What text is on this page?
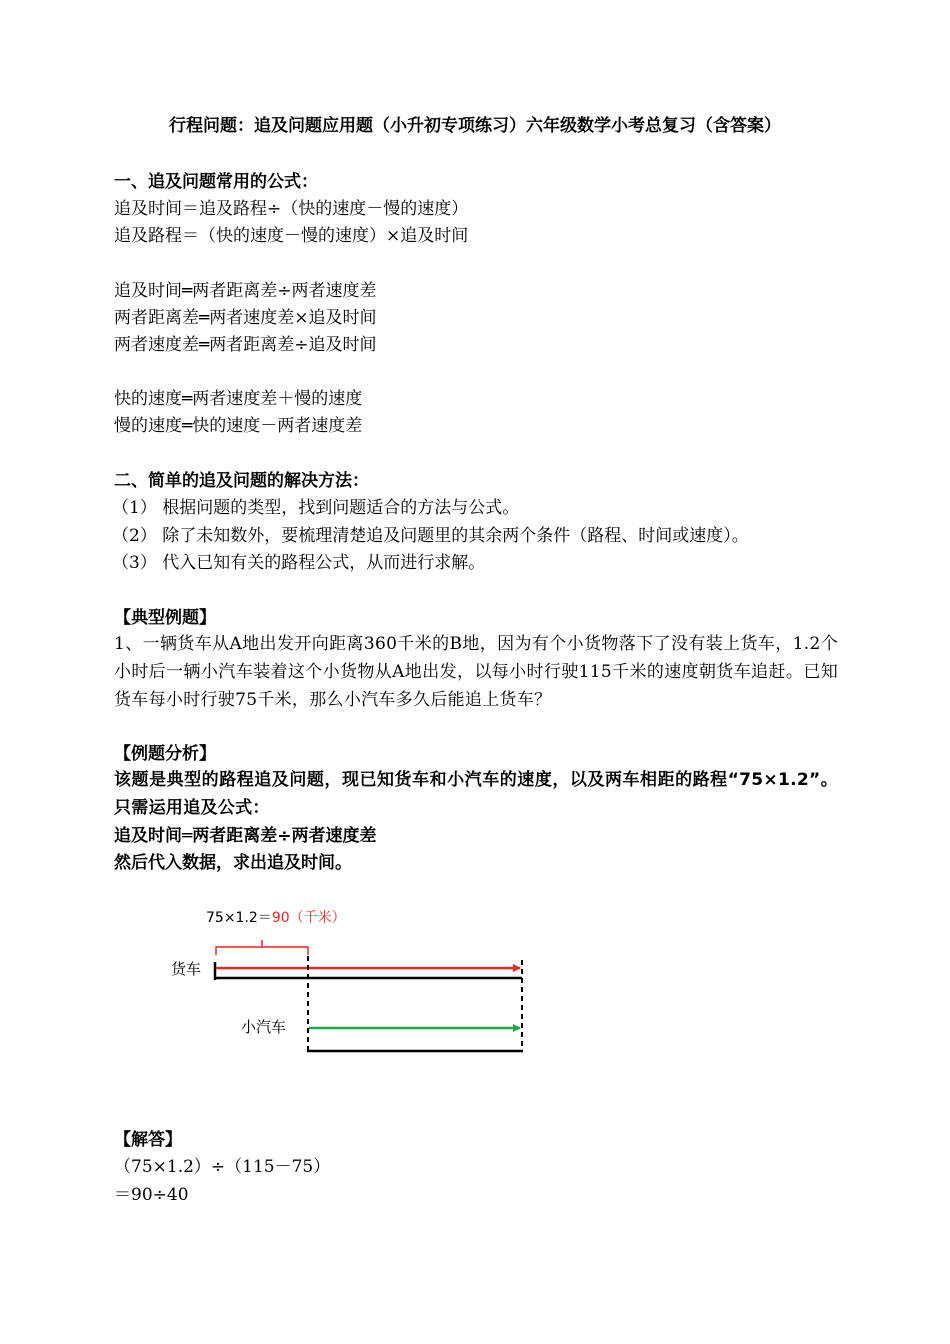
行程问题：追及问题应用题（小升初专项练习）六年级数学小考总复习（含答案）
一、追及问题常用的公式：
追及时间＝追及路程÷（快的速度－慢的速度）
追及路程＝（快的速度－慢的速度）×追及时间
追及时间═两者距离差÷两者速度差
两者距离差═两者速度差×追及时间
两者速度差═两者距离差÷追及时间
快的速度═两者速度差＋慢的速度
慢的速度═快的速度－两者速度差
二、简单的追及问题的解决方法：
（1） 根据问题的类型，找到问题适合的方法与公式。
（2） 除了未知数外，要梳理清楚追及问题里的其余两个条件（路程、时间或速度）。
（3） 代入已知有关的路程公式，从而进行求解。
【典型例题】
1、一辆货车从A地出发开向距离360千米的B地，因为有个小货物落下了没有装上货车，1.2个小时后一辆小汽车装着这个小货物从A地出发，以每小时行驶115千米的速度朝货车追赶。已知货车每小时行驶75千米，那么小汽车多久后能追上货车？
【例题分析】
该题是典型的路程追及问题，现已知货车和小汽车的速度，以及两车相距的路程“75×1.2”。只需运用追及公式：
追及时间═两者距离差÷两者速度差
然后代入数据，求出追及时间。
75×1.2＝90（千米）
货车
小汽车
【解答】
（75×1.2）÷（115－75）
＝90÷40
